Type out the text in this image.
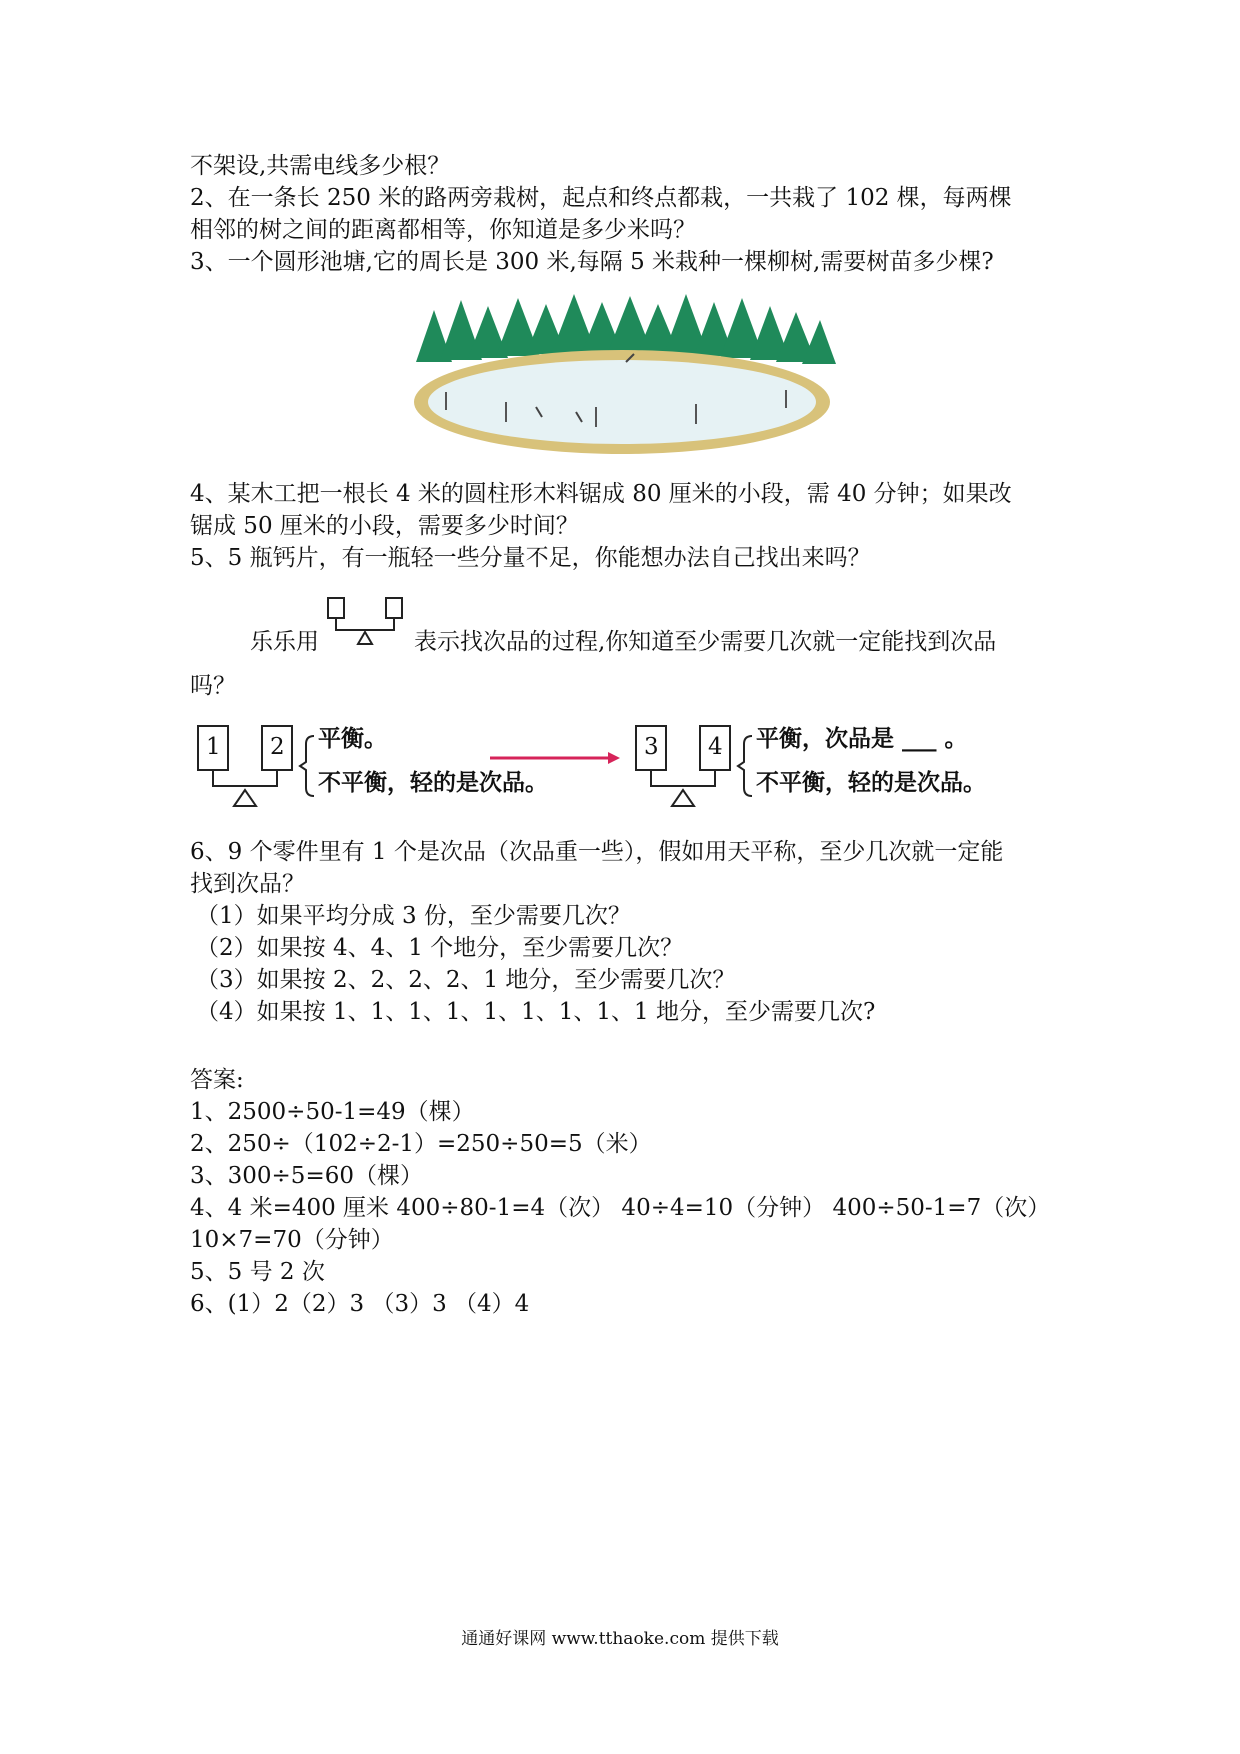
不架设,共需电线多少根？
2、在一条长 250 米的路两旁栽树，起点和终点都栽，一共栽了 102 棵，每两棵
相邻的树之间的距离都相等，你知道是多少米吗？
3、一个圆形池塘,它的周长是 300 米,每隔 5 米栽种一棵柳树,需要树苗多少棵?
4、某木工把一根长 4 米的圆柱形木料锯成 80 厘米的小段，需 40 分钟；如果改
锯成 50 厘米的小段，需要多少时间？
5、5 瓶钙片，有一瓶轻一些分量不足，你能想办法自己找出来吗？
乐乐用	表示找次品的过程,你知道至少需要几次就一定能找到次品
吗？
1 2 平衡。
不平衡，轻的是次品。
3 4 平衡，次品是 ___ 。
不平衡，轻的是次品。
6、9 个零件里有 1 个是次品（次品重一些），假如用天平称，至少几次就一定能
找到次品？
（1）如果平均分成 3 份，至少需要几次？
（2）如果按 4、4、1 个地分，至少需要几次？
（3）如果按 2、2、2、2、1 地分，至少需要几次？
（4）如果按 1、1、1、1、1、1、1、1、1 地分，至少需要几次?
答案:
1、2500÷50-1=49（棵）
2、250÷（102÷2-1）=250÷50=5（米）
3、300÷5=60（棵）
4、4 米=400 厘米 400÷80-1=4（次） 40÷4=10（分钟） 400÷50-1=7（次）
10×7=70（分钟）
5、5 号 2 次
6、(1）2（2）3 （3）3 （4）4
通通好课网 www.tthaoke.com 提供下载
